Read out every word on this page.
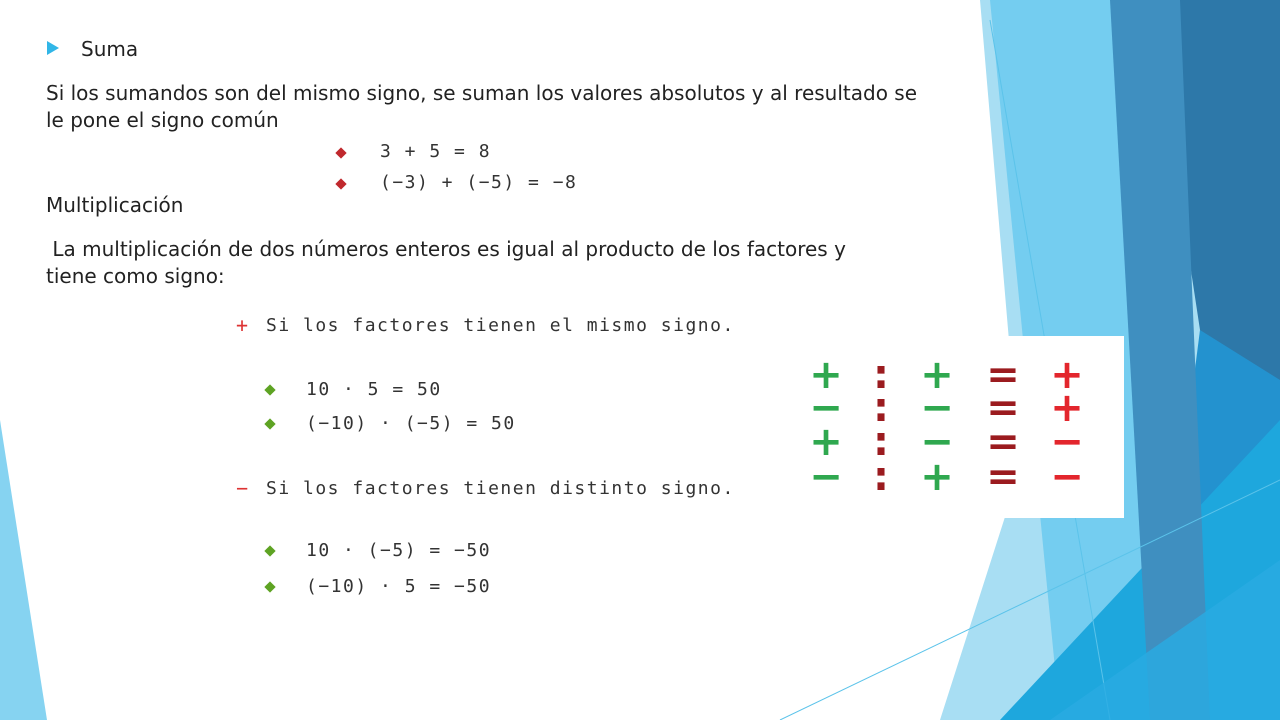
Suma
Si los sumandos son del mismo signo, se suman los valores absolutos y al resultado se
le pone el signo común
3 + 5 = 8
(−3) + (−5) = −8
Multiplicación
La multiplicación de dos números enteros es igual al producto de los factores y
tiene como signo:
+ Si los factores tienen el mismo signo.
10 · 5 = 50
(−10) · (−5) = 50
− Si los factores tienen distinto signo.
10 · (−5) = −50
(−10) · 5 = −50
+ : + = +
− : − = +
+ : − = −
− : + = −
